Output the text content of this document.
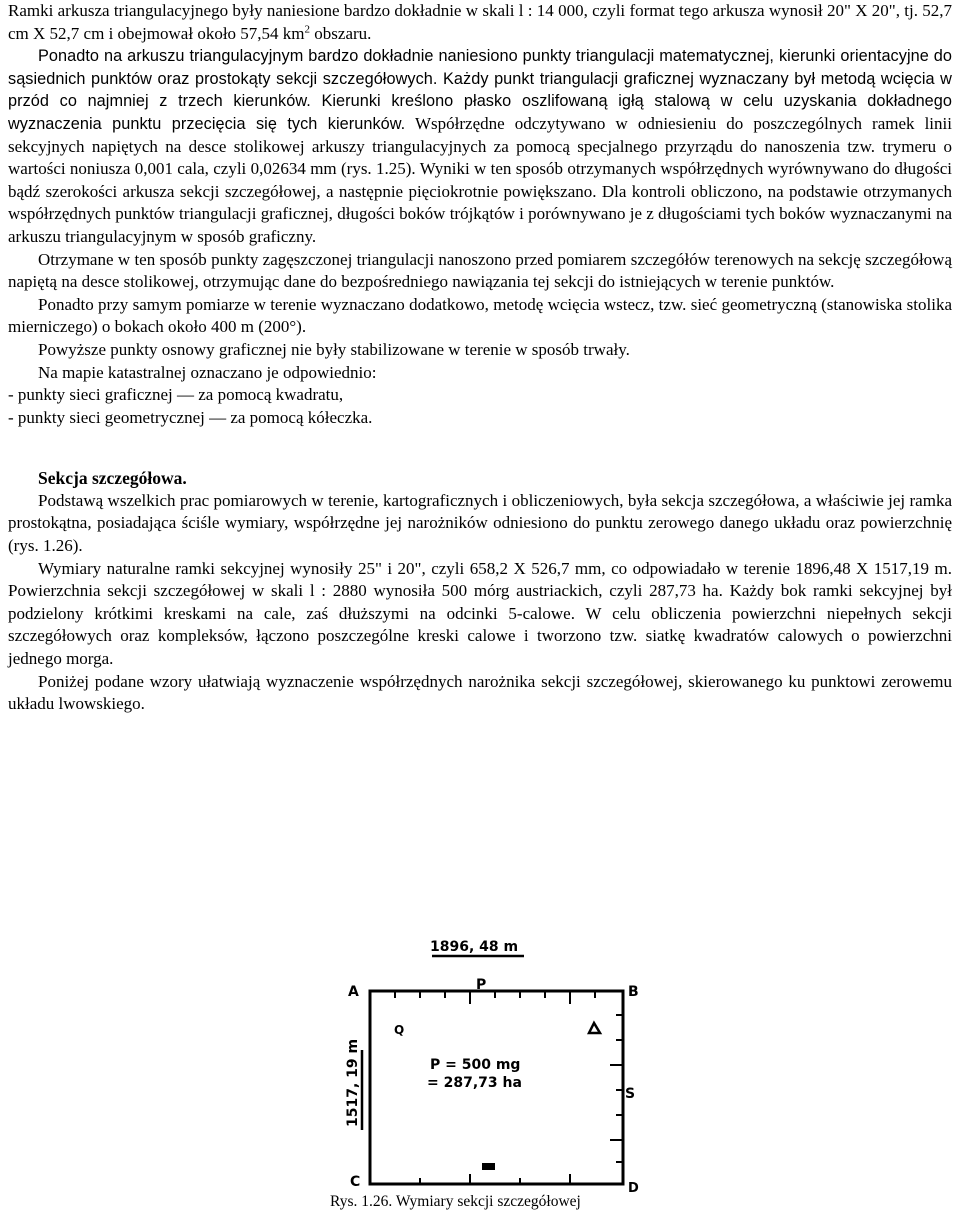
Ramki arkusza triangulacyjnego były naniesione bardzo dokładnie w skali l : 14 000, czyli format tego arkusza wynosił 20" X 20", tj. 52,7 cm X 52,7 cm i obejmował około 57,54 $km^2$ obszaru.

Ponadto na arkuszu triangulacyjnym bardzo dokładnie naniesiono punkty triangulacji matematycznej, kierunki orientacyjne do sąsiednich punktów oraz prostokąty sekcji szczegółowych. Każdy punkt triangulacji graficznej wyznaczany był metodą wcięcia w przód co najmniej z trzech kierunków. Kierunki kreślono płasko oszlifowaną igłą stalową w celu uzyskania dokładnego wyznaczenia punktu przecięcia się tych kierunków. Współrzędne odczytywano w odniesieniu do poszczególnych ramek linii sekcyjnych napiętych na desce stolikowej arkuszy triangulacyjnych za pomocą specjalnego przyrządu do nanoszenia tzw. trymeru o wartości noniusza 0,001 cala, czyli 0,02634 mm (rys. 1.25). Wyniki w ten sposób otrzymanych współrzędnych wyrównywano do długości bądź szerokości arkusza sekcji szczegółowej, a następnie pięciokrotnie powiększano. Dla kontroli obliczono, na podstawie otrzymanych współrzędnych punktów triangulacji graficznej, długości boków trójkątów i porównywano je z długościami tych boków wyznaczanymi na arkuszu triangulacyjnym w sposób graficzny.

Otrzymane w ten sposób punkty zagęszczonej triangulacji nanoszono przed pomiarem szczegółów terenowych na sekcję szczegółową napiętą na desce stolikowej, otrzymując dane do bezpośredniego nawiązania tej sekcji do istniejących w terenie punktów.

Ponadto przy samym pomiarze w terenie wyznaczano dodatkowo, metodę wcięcia wstecz, tzw. sieć geometryczną (stanowiska stolika mierniczego) o bokach około 400 m (200°).

Powyższe punkty osnowy graficznej nie były stabilizowane w terenie w sposób trwały.

Na mapie katastralnej oznaczano je odpowiednio:

- punkty sieci graficznej — za pomocą kwadratu,

- punkty sieci geometrycznej — za pomocą kółeczka.

Sekcja szczegółowa.

Podstawą wszelkich prac pomiarowych w terenie, kartograficznych i obliczeniowych, była sekcja szczegółowa, a właściwie jej ramka prostokątna, posiadająca ściśle wymiary, współrzędne jej narożników odniesiono do punktu zerowego danego układu oraz powierzchnię (rys. 1.26).

Wymiary naturalne ramki sekcyjnej wynosiły 25" i 20", czyli 658,2 X 526,7 mm, co odpowiadało w terenie 1896,48 X 1517,19 m. Powierzchnia sekcji szczegółowej w skali l : 2880 wynosiła 500 mórg austriackich, czyli 287,73 ha. Każdy bok ramki sekcyjnej był podzielony krótkimi kreskami na cale, zaś dłuższymi na odcinki 5-calowe. W celu obliczenia powierzchni niepełnych sekcji szczegółowych oraz kompleksów, łączono poszczególne kreski calowe i tworzono tzw. siatkę kwadratów calowych o powierzchni jednego morga.

Poniżej podane wzory ułatwiają wyznaczenie współrzędnych narożnika sekcji szczegółowej, skierowanego ku punktowi zerowemu układu lwowskiego.

1896, 48 m
1517, 19 m
A	B
C	D
P
Q
S
P = 500 mg
= 287,73 ha
Rys. 1.26. Wymiary sekcji szczegółowej
